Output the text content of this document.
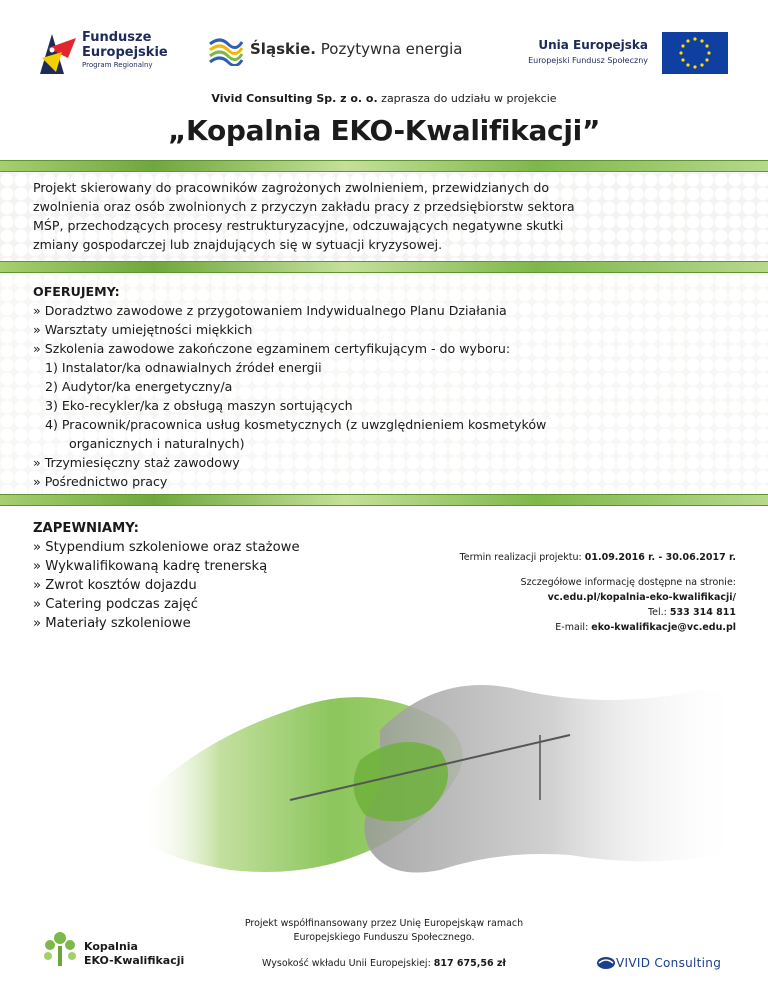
Fundusze
Europejskie
Program Regionalny
Śląskie. Pozytywna energia	Unia Europejska
Europejski Fundusz Społeczny
Vivid Consulting Sp. z o. o. zaprasza do udziału w projekcie
„Kopalnia EKO-Kwalifikacji”
Projekt skierowany do pracowników zagrożonych zwolnieniem, przewidzianych do
zwolnienia oraz osób zwolnionych z przyczyn zakładu pracy z przedsiębiorstw sektora
MŚP, przechodzących procesy restrukturyzacyjne, odczuwających negatywne skutki
zmiany gospodarczej lub znajdujących się w sytuacji kryzysowej.
OFERUJEMY:
» Doradztwo zawodowe z przygotowaniem Indywidualnego Planu Działania
» Warsztaty umiejętności miękkich
» Szkolenia zawodowe zakończone egzaminem certyfikującym - do wyboru:
1) Instalator/ka odnawialnych źródeł energii
2) Audytor/ka energetyczny/a
3) Eko-recykler/ka z obsługą maszyn sortujących
4) Pracownik/pracownica usług kosmetycznych (z uwzględnieniem kosmetyków
organicznych i naturalnych)
» Trzymiesięczny staż zawodowy
» Pośrednictwo pracy
ZAPEWNIAMY:
» Stypendium szkoleniowe oraz stażowe
» Wykwalifikowaną kadrę trenerską
» Zwrot kosztów dojazdu
» Catering podczas zajęć
» Materiały szkoleniowe
Termin realizacji projektu: 01.09.2016 r. - 30.06.2017 r.
Szczegółowe informację dostępne na stronie:
vc.edu.pl/kopalnia-eko-kwalifikacji/
Tel.: 533 314 811
E-mail: eko-kwalifikacje@vc.edu.pl
Projekt współfinansowany przez Unię Europejskąw ramach
Europejskiego Funduszu Społecznego.
Wysokość wkładu Unii Europejskiej: 817 675,56 zł
Kopalnia
EKO-Kwalifikacji	VIVID Consulting
